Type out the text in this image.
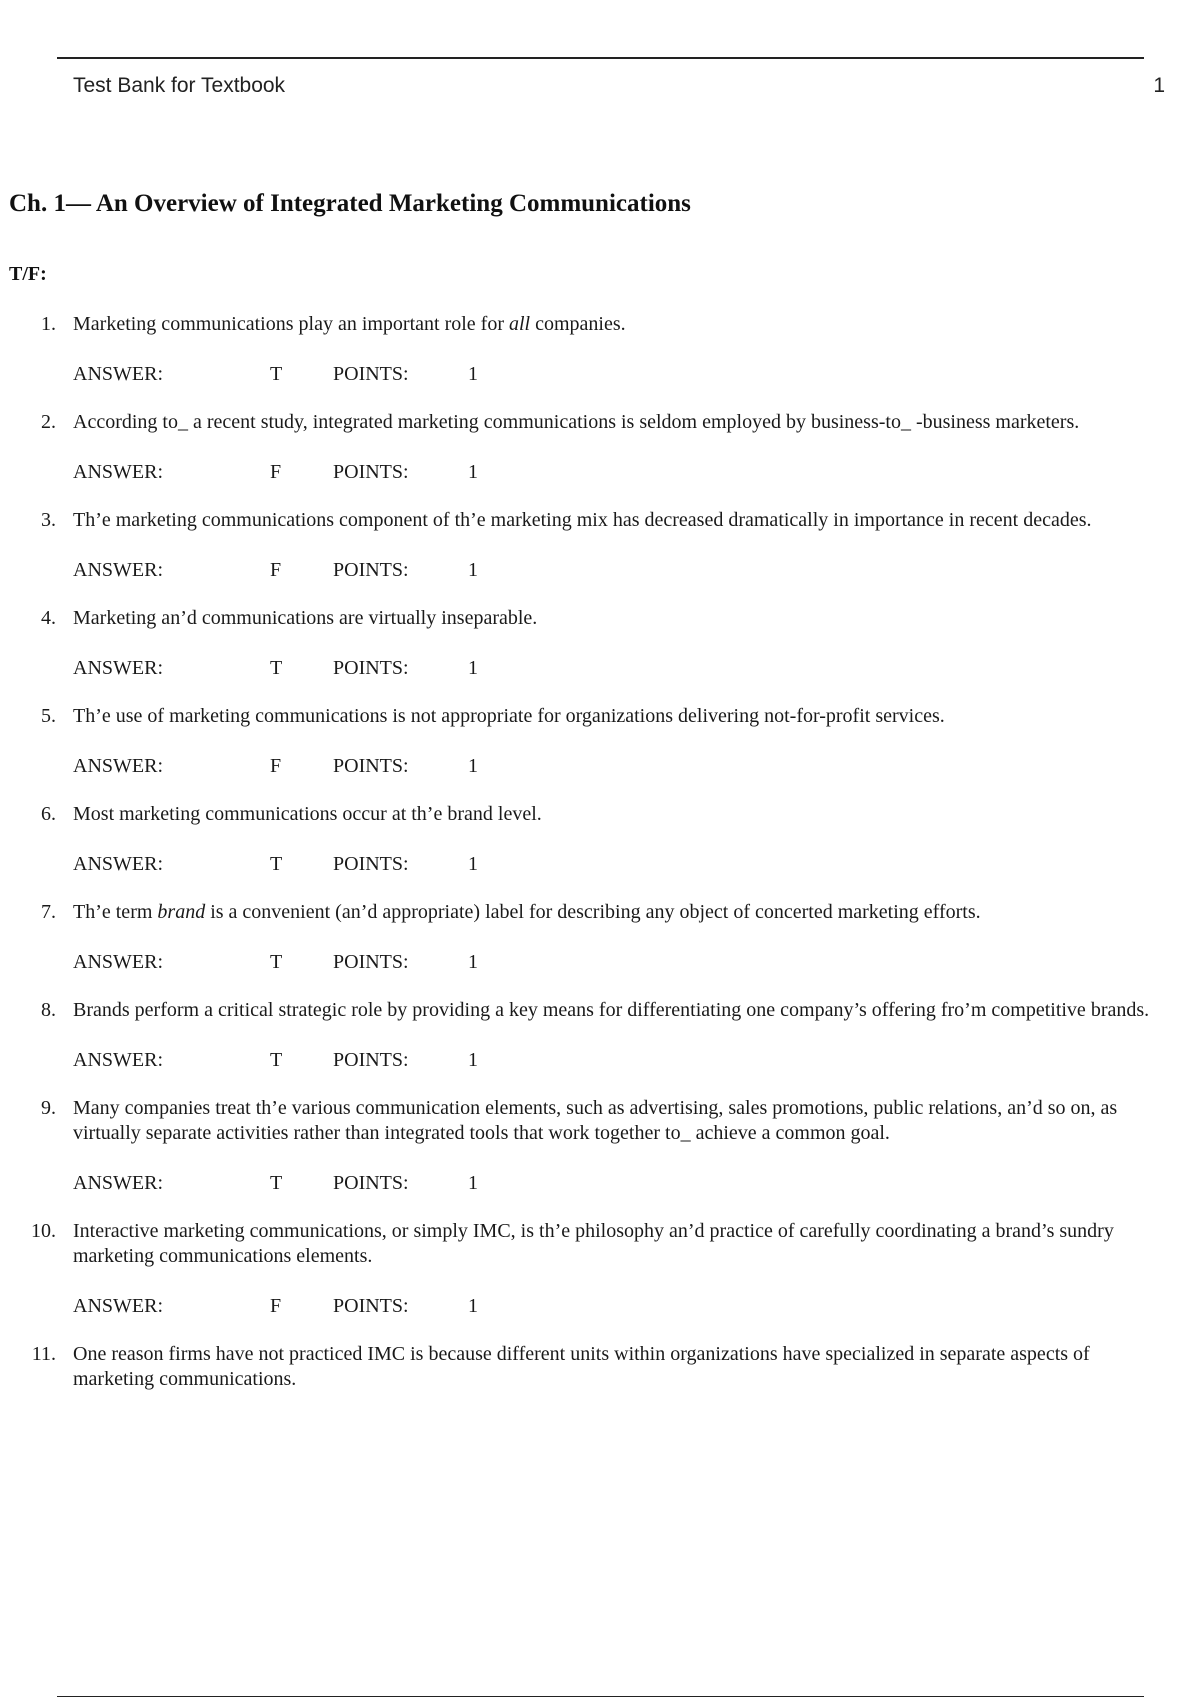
Test Bank for Textbook	1
Ch. 1— An Overview of Integrated Marketing Communications
T/F:
1. Marketing communications play an important role for all companies.
ANSWER:	T	POINTS:	1
2. According to_ a recent study, integrated marketing communications is seldom employed by business-to_ -business marketers.
ANSWER:	F	POINTS:	1
3. Th’e marketing communications component of th’e marketing mix has decreased dramatically in importance in recent decades.
ANSWER:	F	POINTS:	1
4. Marketing an’d communications are virtually inseparable.
ANSWER:	T	POINTS:	1
5. Th’e use of marketing communications is not appropriate for organizations delivering not-for-profit services.
ANSWER:	F	POINTS:	1
6. Most marketing communications occur at th’e brand level.
ANSWER:	T	POINTS:	1
7. Th’e term brand is a convenient (an’d appropriate) label for describing any object of concerted marketing efforts.
ANSWER:	T	POINTS:	1
8. Brands perform a critical strategic role by providing a key means for differentiating one company’s offering fro’m competitive brands.
ANSWER:	T	POINTS:	1
9. Many companies treat th’e various communication elements, such as advertising, sales promotions, public relations, an’d so on, as virtually separate activities rather than integrated tools that work together to_ achieve a common goal.
ANSWER:	T	POINTS:	1
10. Interactive marketing communications, or simply IMC, is th’e philosophy an’d practice of carefully coordinating a brand’s sundry marketing communications elements.
ANSWER:	F	POINTS:	1
11. One reason firms have not practiced IMC is because different units within organizations have specialized in separate aspects of marketing communications.
